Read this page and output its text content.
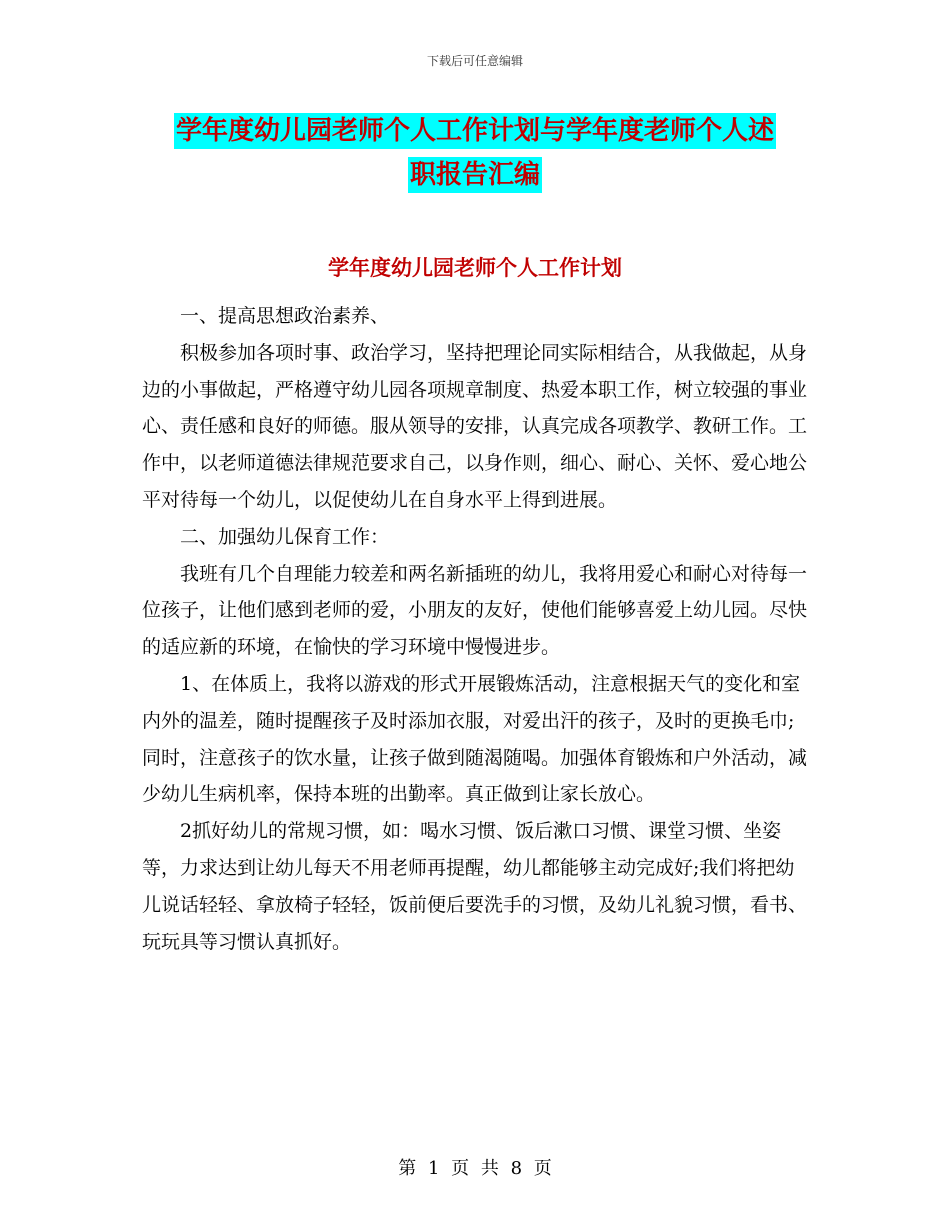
下载后可任意编辑
学年度幼儿园老师个人工作计划与学年度老师个人述
职报告汇编
学年度幼儿园老师个人工作计划

一、提高思想政治素养、

积极参加各项时事、政治学习，坚持把理论同实际相结合，从我做起，从身边的小事做起，严格遵守幼儿园各项规章制度、热爱本职工作，树立较强的事业心、责任感和良好的师德。服从领导的安排，认真完成各项教学、教研工作。工作中，以老师道德法律规范要求自己，以身作则，细心、耐心、关怀、爱心地公平对待每一个幼儿，以促使幼儿在自身水平上得到进展。

二、加强幼儿保育工作：

我班有几个自理能力较差和两名新插班的幼儿，我将用爱心和耐心对待每一位孩子，让他们感到老师的爱，小朋友的友好，使他们能够喜爱上幼儿园。尽快的适应新的环境，在愉快的学习环境中慢慢进步。

1、在体质上，我将以游戏的形式开展锻炼活动，注意根据天气的变化和室内外的温差，随时提醒孩子及时添加衣服，对爱出汗的孩子，及时的更换毛巾;同时，注意孩子的饮水量，让孩子做到随渴随喝。加强体育锻炼和户外活动，减少幼儿生病机率，保持本班的出勤率。真正做到让家长放心。

2抓好幼儿的常规习惯，如：喝水习惯、饭后漱口习惯、课堂习惯、坐姿等，力求达到让幼儿每天不用老师再提醒，幼儿都能够主动完成好;我们将把幼儿说话轻轻、拿放椅子轻轻，饭前便后要洗手的习惯，及幼儿礼貌习惯，看书、玩玩具等习惯认真抓好。

第 1 页 共 8 页
